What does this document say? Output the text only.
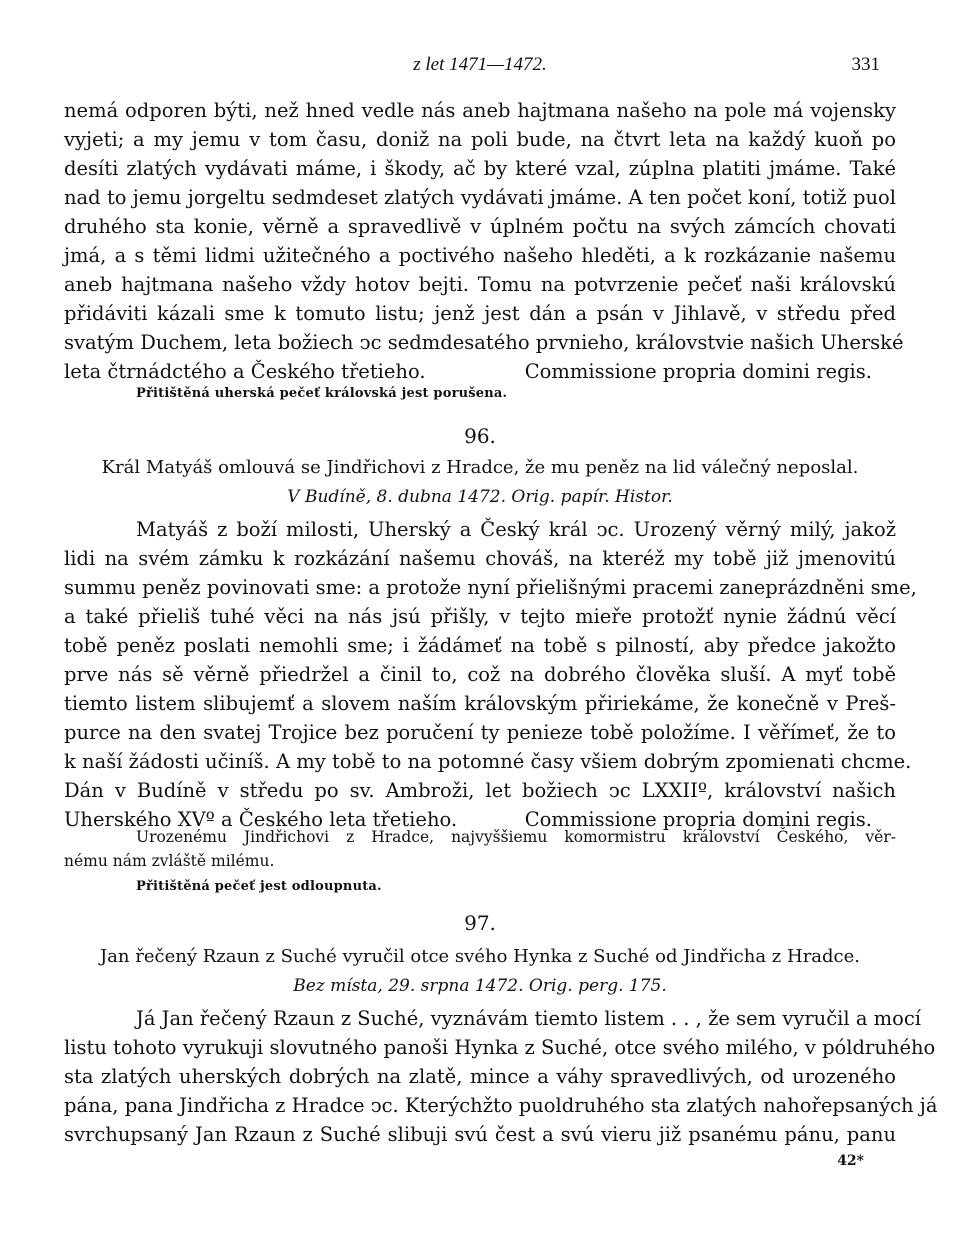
z let 1471—1472.	331
nemá odporen býti, než hned vedle nás aneb hajtmana našeho na pole má vojensky
vyjeti; a my jemu v tom času, doniž na poli bude, na čtvrt leta na každý kuoň po
desíti zlatých vydávati máme, i škody, ač by které vzal, zúplna platiti jmáme. Také
nad to jemu jorgeltu sedmdeset zlatých vydávati jmáme. A ten počet koní, totiž puol
druhého sta konie, věrně a spravedlivě v úplném počtu na svých zámcích chovati
jmá, a s těmi lidmi užitečného a poctivého našeho hleděti, a k rozkázanie našemu
aneb hajtmana našeho vždy hotov bejti. Tomu na potvrzenie pečeť naši královskú
přidáviti kázali sme k tomuto listu; jenž jest dán a psán v Jihlavě, v středu před
svatým Duchem, leta božiech ͻc sedmdesatého prvnieho, královstvie našich Uherské
leta čtrnádctého a Českého třetieho.	Commissione propria domini regis.
Přitištěná uherská pečeť královská jest porušena.
96.
Král Matyáš omlouvá se Jindřichovi z Hradce, že mu peněz na lid válečný neposlal.
V Budíně, 8. dubna 1472. Orig. papír. Histor.
Matyáš z boží milosti, Uherský a Český král ͻc. Urozený věrný milý, jakož
lidi na svém zámku k rozkázání našemu chováš, na kteréž my tobě již jmenovitú
summu peněz povinovati sme: a protože nyní přielišnými pracemi zaneprázdněni sme,
a také přieliš tuhé věci na nás jsú přišly, v tejto mieře protožť nynie žádnú věcí
tobě peněz poslati nemohli sme; i žádámeť na tobě s pilností, aby předce jakožto
prve nás sě věrně přiedržel a činil to, což na dobrého člověka sluší. A myť tobě
tiemto listem slibujemť a slovem naším královským přiriekáme, že konečně v Preš-
purce na den svatej Trojice bez poručení ty penieze tobě položíme. I věřímeť, že to
k naší žádosti učiníš. A my tobě to na potomné časy všiem dobrým zpomienati chcme.
Dán v Budíně v středu po sv. Ambroži, let božiech ͻc LXXIIº, království našich
Uherského XVº a Českého leta třetieho.	Commissione propria domini regis.
Urozenému Jindřichovi z Hradce, najvyššiemu komormistru království Českého, věr-
nému nám zvláště milému.
Přitištěná pečeť jest odloupnuta.
97.
Jan řečený Rzaun z Suché vyručil otce svého Hynka z Suché od Jindřicha z Hradce.
Bez místa, 29. srpna 1472. Orig. perg. 175.
Já Jan řečený Rzaun z Suché, vyznávám tiemto listem . . , že sem vyručil a mocí
listu tohoto vyrukuji slovutného panoši Hynka z Suché, otce svého milého, v póldruhého
sta zlatých uherských dobrých na zlatě, mince a váhy spravedlivých, od urozeného
pána, pana Jindřicha z Hradce ͻc. Kterýchžto puoldruhého sta zlatých nahořepsaných já
svrchupsaný Jan Rzaun z Suché slibuji svú čest a svú vieru již psanému pánu, panu
42*
